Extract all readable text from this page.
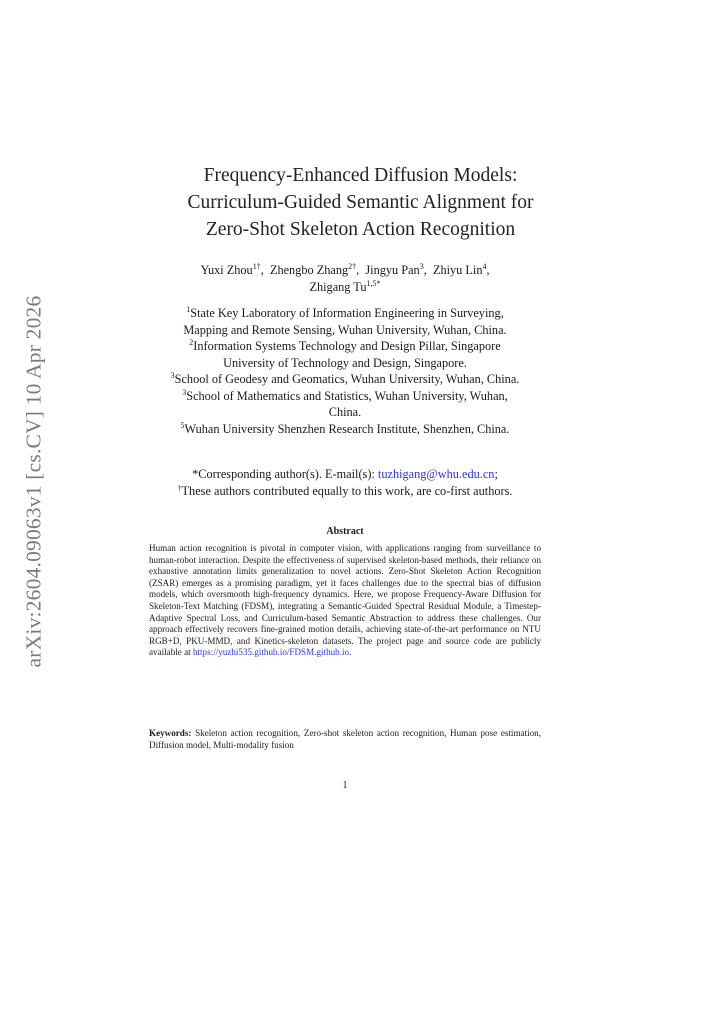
arXiv:2604.09063v1 [cs.CV] 10 Apr 2026
Frequency-Enhanced Diffusion Models:
Curriculum-Guided Semantic Alignment for
Zero-Shot Skeleton Action Recognition
Yuxi Zhou$^{1\dagger}$,  Zhengbo Zhang$^{2\dagger}$,  Jingyu Pan$^3$,  Zhiyu Lin$^4$,
Zhigang $Tu^{1,5*}$
$^1$State Key Laboratory of Information Engineering in Surveying,
Mapping and Remote Sensing, Wuhan University, Wuhan, China.
$^2$Information Systems Technology and Design Pillar, Singapore
University of Technology and Design, Singapore.
$^3$School of Geodesy and Geomatics, Wuhan University, Wuhan, China.
$^3$School of Mathematics and Statistics, Wuhan University, Wuhan,
China.
$^5$Wuhan University Shenzhen Research Institute, Shenzhen, China.
*Corresponding author(s). E-mail(s): tuzhigang@whu.edu.cn;
†These authors contributed equally to this work, are co-first authors.
Abstract
Human action recognition is pivotal in computer vision, with applications ranging from surveillance to human-robot interaction. Despite the effectiveness of supervised skeleton-based methods, their reliance on exhaustive annotation limits generalization to novel actions. Zero-Shot Skeleton Action Recognition (ZSAR) emerges as a promising paradigm, yet it faces challenges due to the spectral bias of diffusion models, which oversmooth high-frequency dynamics. Here, we propose Frequency-Aware Diffusion for Skeleton-Text Matching (FDSM), integrating a Semantic-Guided Spectral Residual Module, a Timestep-Adaptive Spectral Loss, and Curriculum-based Semantic Abstraction to address these challenges. Our approach effectively recovers fine-grained motion details, achieving state-of-the-art performance on NTU RGB+D, PKU-MMD, and Kinetics-skeleton datasets. The project page and source code are publicly available at https://yuzhi535.github.io/FDSM.github.io.
Keywords: Skeleton action recognition, Zero-shot skeleton action recognition, Human pose estimation, Diffusion model, Multi-modality fusion
1
